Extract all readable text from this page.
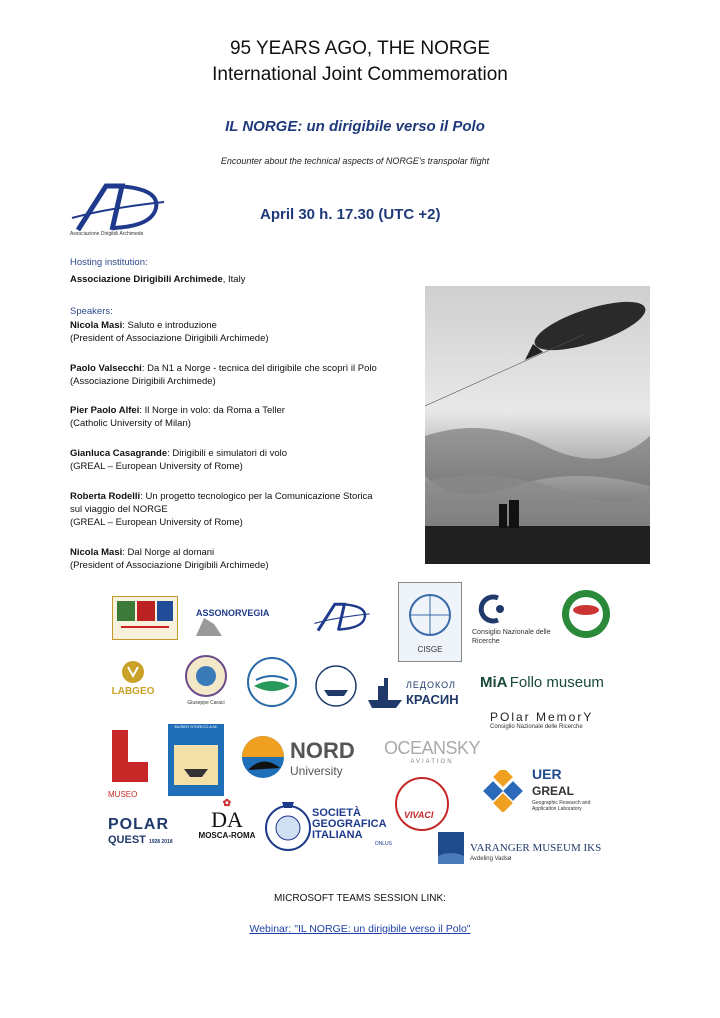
95 YEARS AGO, THE NORGE
International Joint Commemoration
IL NORGE: un dirigibile verso il Polo
Encounter about the technical aspects of NORGE's transpolar flight
Associazione Dirigibili Archimede
April 30 h. 17.30 (UTC +2)
Hosting institution:
Associazione Dirigibili Archimede, Italy
Speakers:
Nicola Masi: Saluto e introduzione
(President of Associazione Dirigibili Archimede)
Paolo Valsecchi: Da N1 a Norge - tecnica del dirigibile che scoprì il Polo
(Associazione Dirigibili Archimede)
Pier Paolo Alfei: Il Norge in volo: da Roma a Teller
(Catholic University of Milan)
Gianluca Casagrande: Dirigibili e simulatori di volo
(GREAL – European University of Rome)
Roberta Rodelli: Un progetto tecnologico per la Comunicazione Storica
sul viaggio del NORGE
(GREAL – European University of Rome)
Nicola Masi: Dal Norge al domani
(President of Associazione Dirigibili Archimede)
ASSONORVEGIA
CISGE
Consiglio Nazionale delle Ricerche
LABGEO
Giuseppe Caraci
ЛЕДОКОЛ
КРАСИН
MiA Follo museum
POlar MemorY
Consiglio Nazionale delle Ricerche
MUSEO
MUSEO STORICO A.M.
NORD
University
OCEANSKY
AVIATION
UER
GREAL
Geographic Research and Application Laboratory
POLAR
QUEST 1928 2018
✿
DA
MOSCA-ROMA
SOCIETÀ
GEOGRAFICA
ITALIANA
ONLUS
VIVACI
VARANGER MUSEUM IKS
Avdeling Vadsø
MICROSOFT TEAMS SESSION LINK:
Webinar: "IL NORGE: un dirigibile verso il Polo"
